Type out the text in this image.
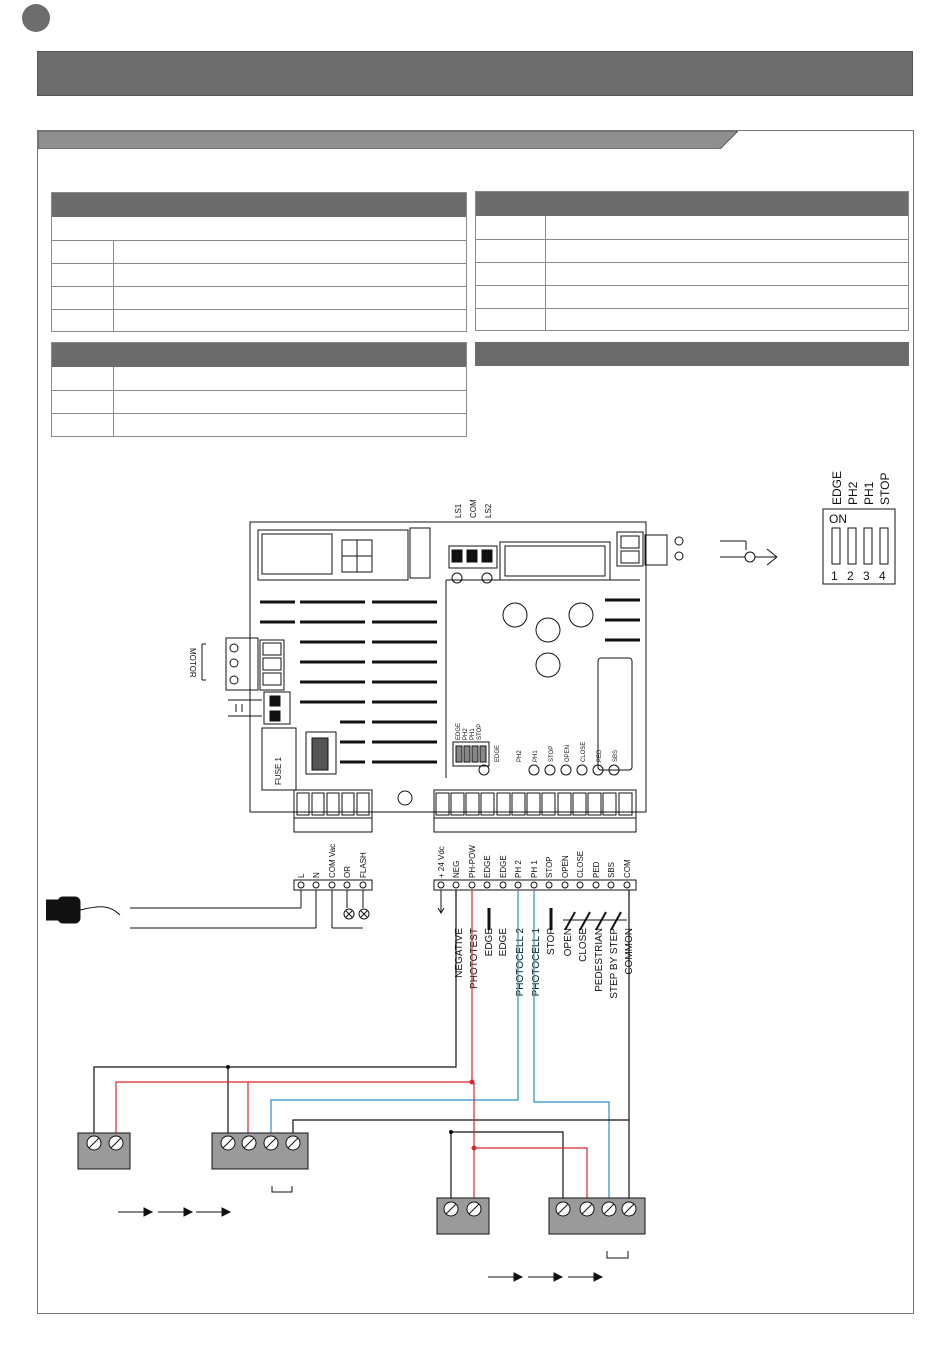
LS1 COM LS2
MOTOR
FUSE 1
EDGE PH2 PH1 STOP
EDGE	PH2 PH1 STOP OPEN CLOSE PED SBS
EDGE PH2 PH1 STOP
ON
1 2 3 4
L N COM Vac OR FLASH	+ 24 Vdc NEG PH-POW EDGE EDGE PH 2 PH 1 STOP OPEN CLOSE PED SBS COM
NEGATIVE PHOTOTEST EDGE EDGE PHOTOCELL 2 PHOTOCELL 1 STOP OPEN CLOSE PEDESTRIAN STEP BY STEP COMMON
